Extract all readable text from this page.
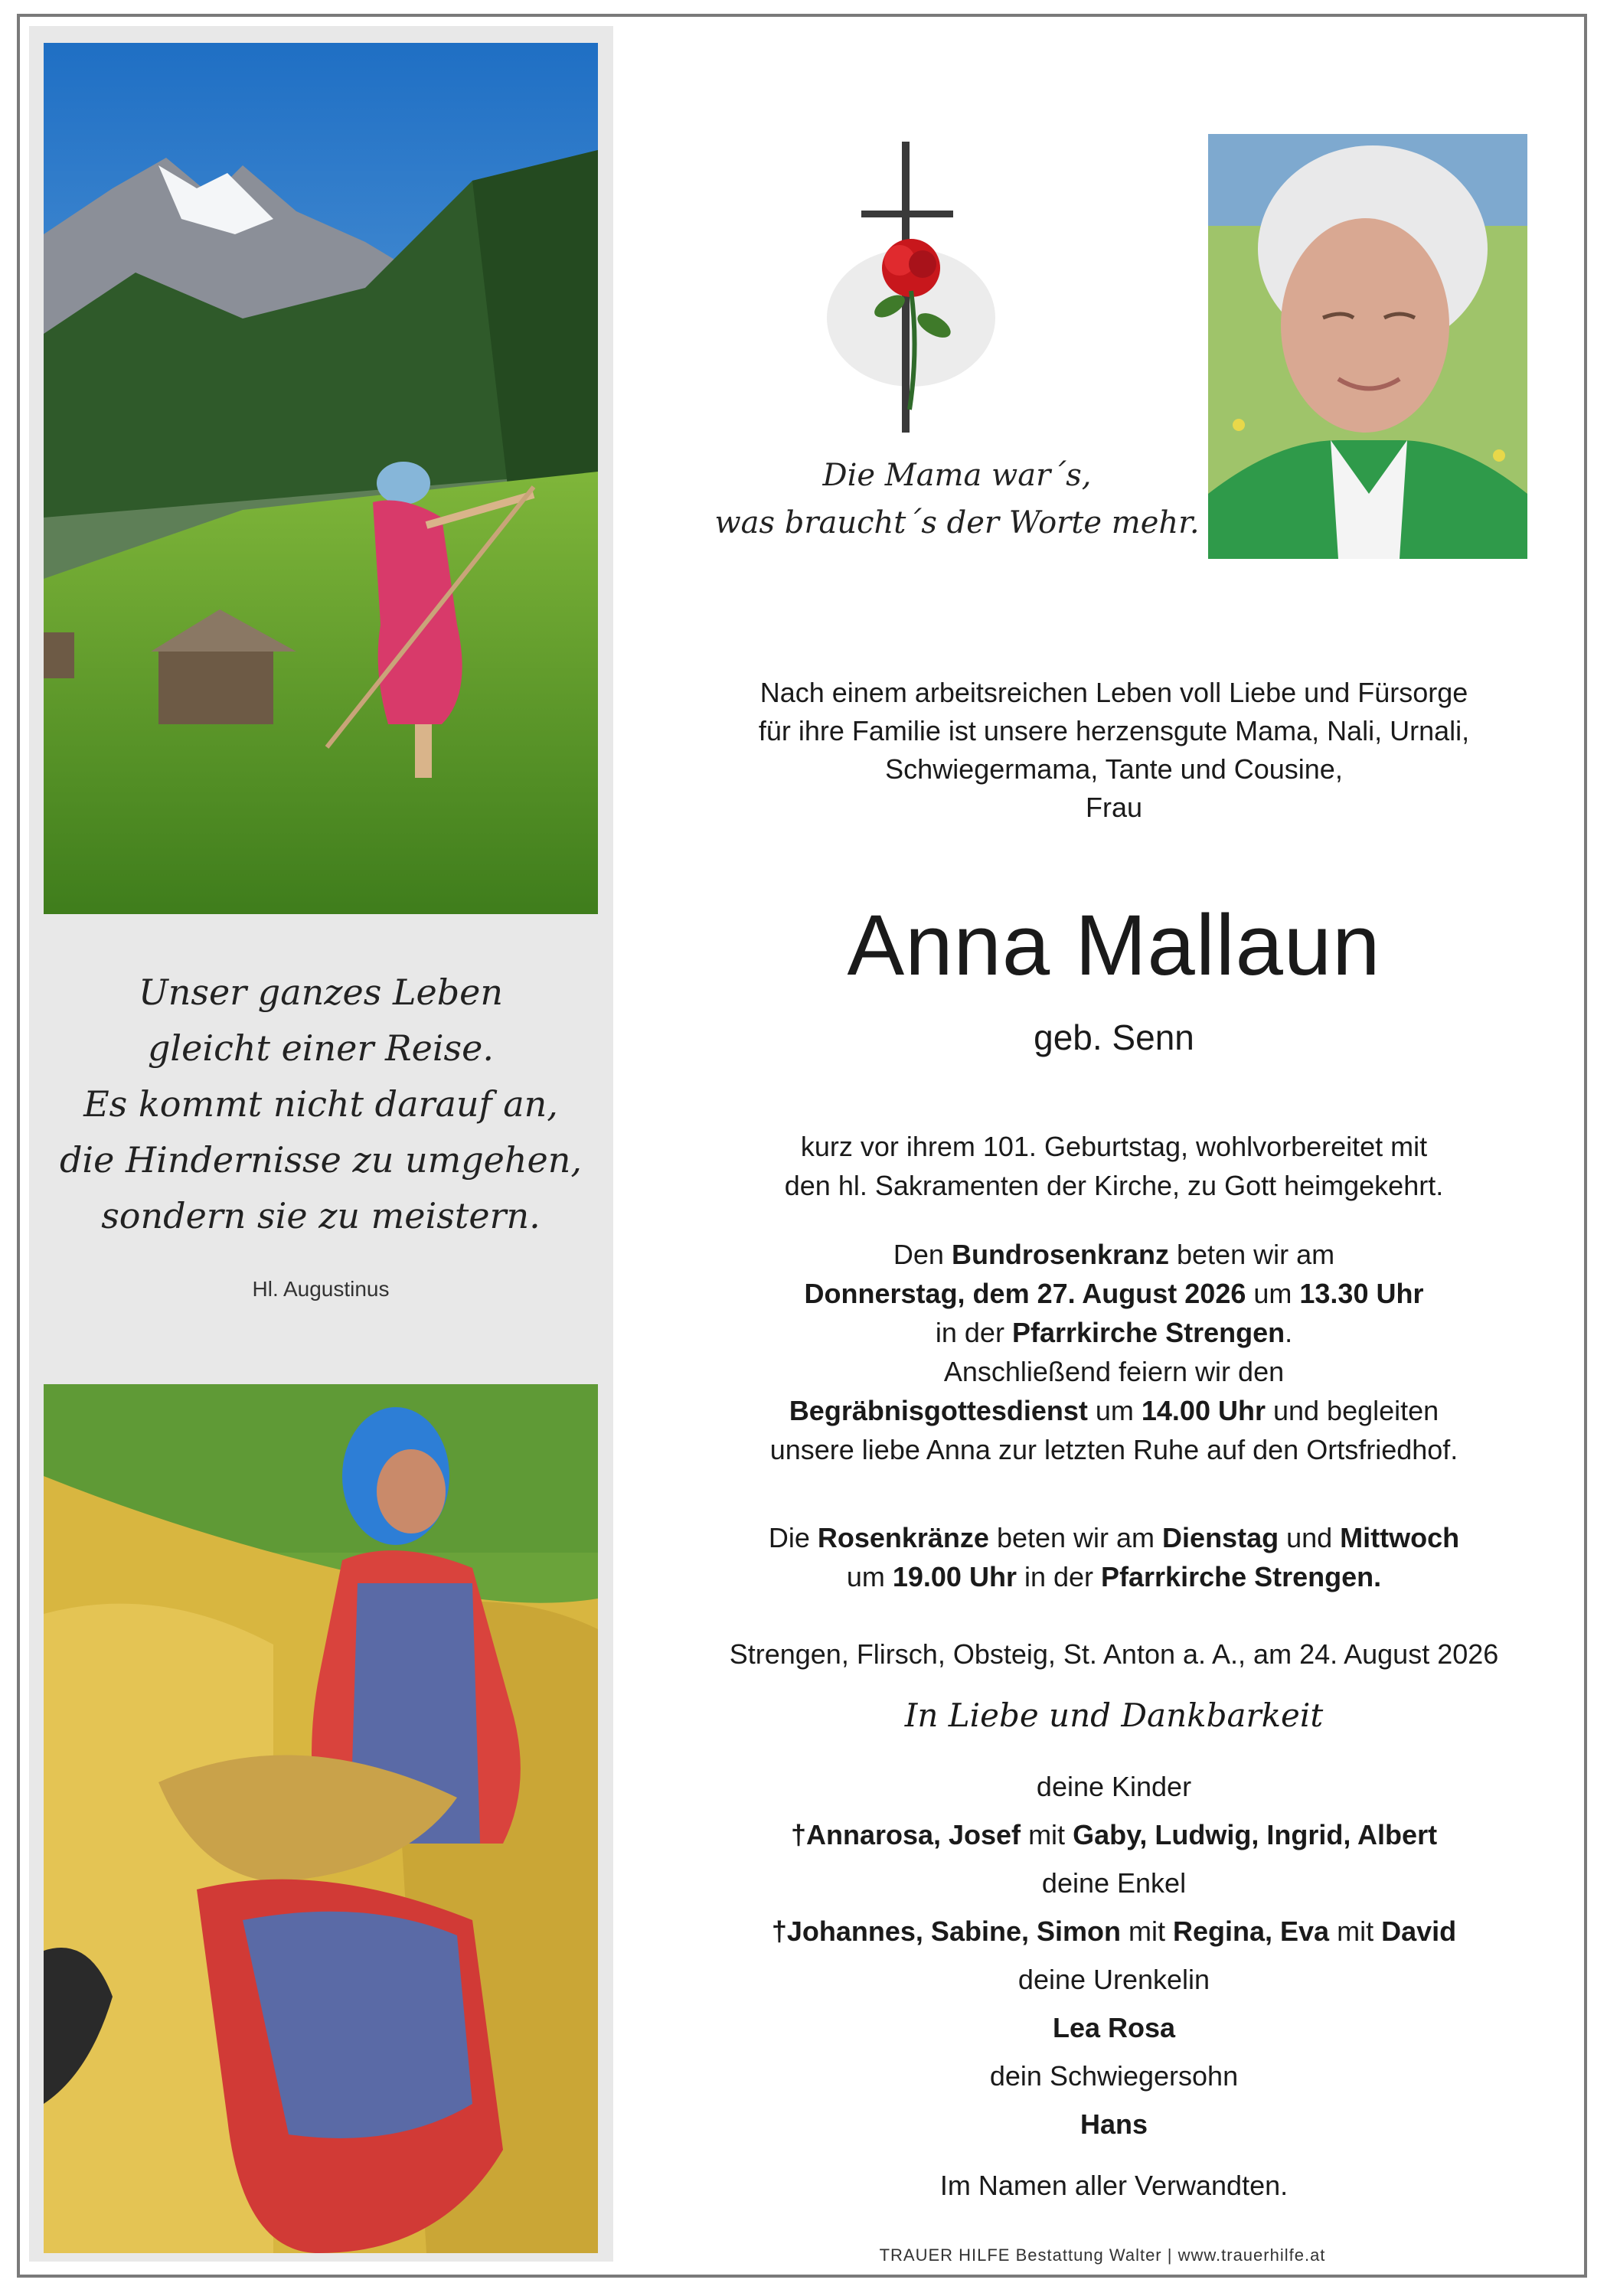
Unser ganzes Leben
gleicht einer Reise.
Es kommt nicht darauf an,
die Hindernisse zu umgehen,
sondern sie zu meistern.
Hl. Augustinus
Die Mama war´s,
was braucht´s der Worte mehr.
Nach einem arbeitsreichen Leben voll Liebe und Fürsorge
für ihre Familie ist unsere herzensgute Mama, Nali, Urnali,
Schwiegermama, Tante und Cousine,
Frau
Anna Mallaun
geb. Senn
kurz vor ihrem 101. Geburtstag, wohlvorbereitet mit
den hl. Sakramenten der Kirche, zu Gott heimgekehrt.
Den Bundrosenkranz beten wir am
Donnerstag, dem 27. August 2026 um 13.30 Uhr
in der Pfarrkirche Strengen.
Anschließend feiern wir den
Begräbnisgottesdienst um 14.00 Uhr und begleiten
unsere liebe Anna zur letzten Ruhe auf den Ortsfriedhof.
Die Rosenkränze beten wir am Dienstag und Mittwoch
um 19.00 Uhr in der Pfarrkirche Strengen.
Strengen, Flirsch, Obsteig, St. Anton a. A., am 24. August 2026
In Liebe und Dankbarkeit
deine Kinder
†Annarosa, Josef mit Gaby, Ludwig, Ingrid, Albert
deine Enkel
†Johannes, Sabine, Simon mit Regina, Eva mit David
deine Urenkelin
Lea Rosa
dein Schwiegersohn
Hans
Im Namen aller Verwandten.
TRAUER HILFE Bestattung Walter | www.trauerhilfe.at
